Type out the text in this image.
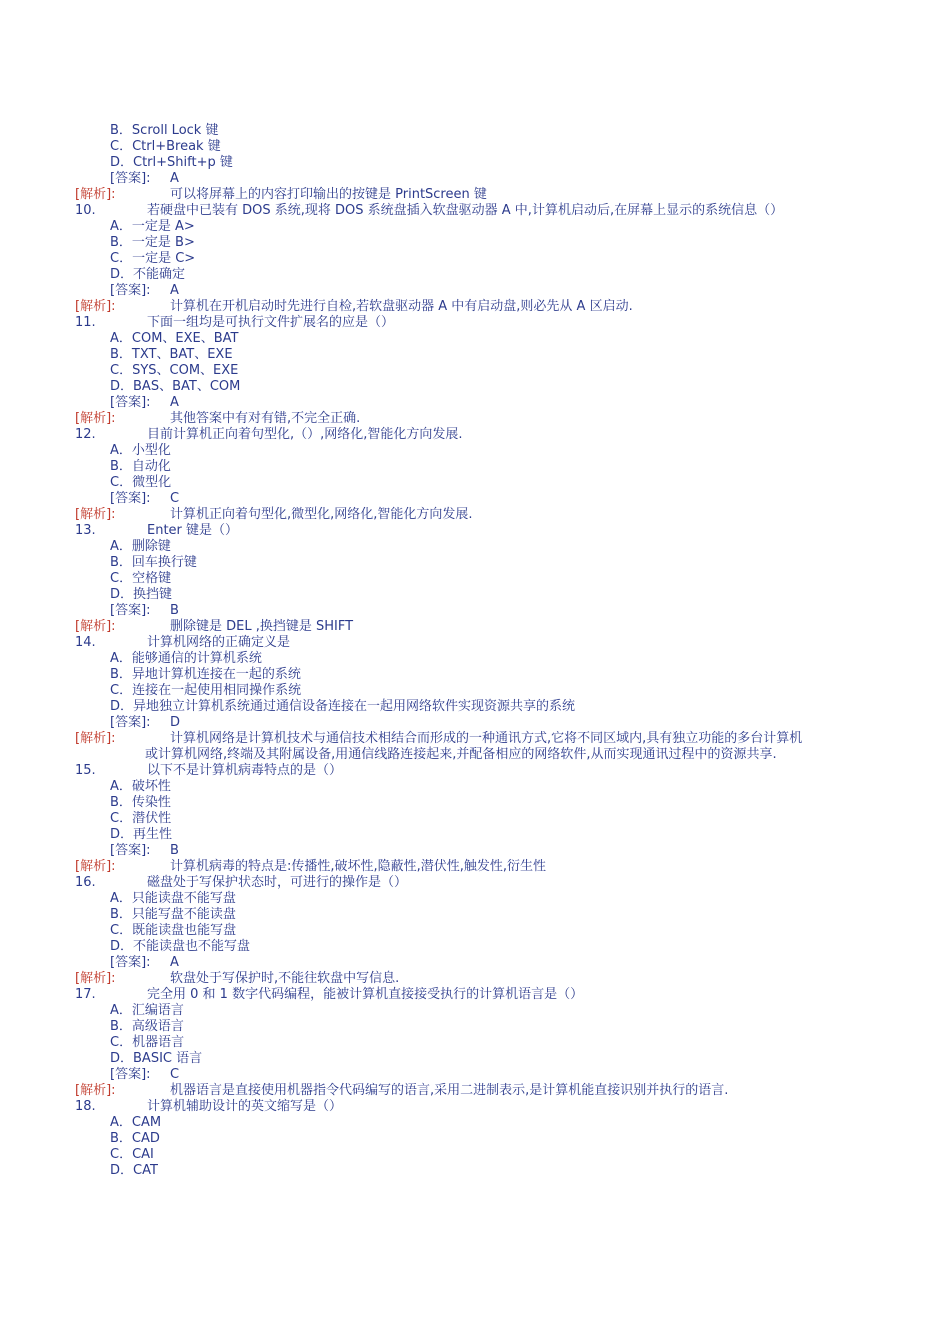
B．Scroll Lock 键
C．Ctrl+Break 键
D．Ctrl+Shift+p 键
[答案]: A
[解析]:	可以将屏幕上的内容打印输出的按键是 PrintScreen 键
10.	若硬盘中已装有 DOS 系统,现将 DOS 系统盘插入软盘驱动器 A 中,计算机启动后,在屏幕上显示的系统信息（）
A．一定是 A>
B．一定是 B>
C．一定是 C>
D．不能确定
[答案]: A
[解析]:	计算机在开机启动时先进行自检,若软盘驱动器 A 中有启动盘,则必先从 A 区启动.
11.	下面一组均是可执行文件扩展名的应是（）
A．COM、EXE、BAT
B．TXT、BAT、EXE
C．SYS、COM、EXE
D．BAS、BAT、COM
[答案]: A
[解析]:	其他答案中有对有错,不完全正确.
12.	目前计算机正向着句型化,（）,网络化,智能化方向发展.
A．小型化
B．自动化
C．微型化
[答案]: C
[解析]:	计算机正向着句型化,微型化,网络化,智能化方向发展.
13.	Enter 键是（）
A．删除键
B．回车换行键
C．空格键
D．换挡键
[答案]: B
[解析]:	删除键是 DEL ,换挡键是 SHIFT
14.	计算机网络的正确定义是
A．能够通信的计算机系统
B．异地计算机连接在一起的系统
C．连接在一起使用相同操作系统
D．异地独立计算机系统通过通信设备连接在一起用网络软件实现资源共享的系统
[答案]: D
[解析]:	计算机网络是计算机技术与通信技术相结合而形成的一种通讯方式,它将不同区域内,具有独立功能的多台计算机或计算机网络,终端及其附属设备,用通信线路连接起来,并配备相应的网络软件,从而实现通讯过程中的资源共享.
15.	以下不是计算机病毒特点的是（）
A．破坏性
B．传染性
C．潜伏性
D．再生性
[答案]: B
[解析]:	计算机病毒的特点是:传播性,破坏性,隐蔽性,潜伏性,触发性,衍生性
16.	磁盘处于写保护状态时，可进行的操作是（）
A．只能读盘不能写盘
B．只能写盘不能读盘
C．既能读盘也能写盘
D．不能读盘也不能写盘
[答案]: A
[解析]:	软盘处于写保护时,不能往软盘中写信息.
17.	完全用 0 和 1 数字代码编程，能被计算机直接接受执行的计算机语言是（）
A．汇编语言
B．高级语言
C．机器语言
D．BASIC 语言
[答案]: C
[解析]:	机器语言是直接使用机器指令代码编写的语言,采用二进制表示,是计算机能直接识别并执行的语言.
18.	计算机辅助设计的英文缩写是（）
A．CAM
B．CAD
C．CAI
D．CAT
